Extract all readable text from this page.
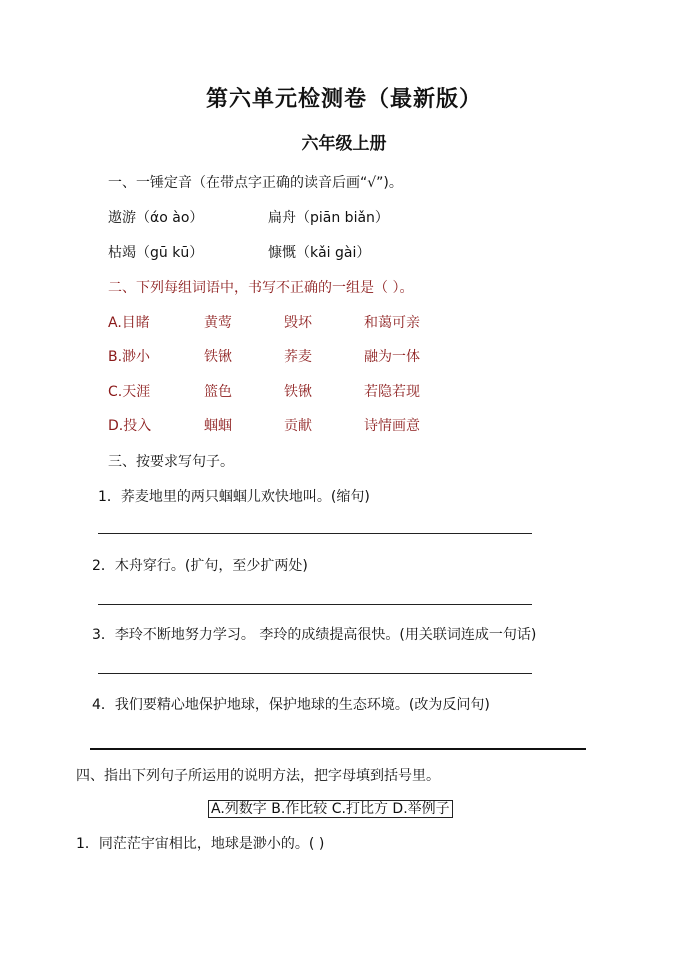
第六单元检测卷（最新版）
六年级上册
一、一锤定音（在带点字正确的读音后画“√”)。
遨游（άo ào）	扁舟（piān biǎn）
枯竭（gū kū）	慷慨（kǎi gài）
二、下列每组词语中，书写不正确的一组是（ ）。
A.目睹	黄莺	毁坏	和蔼可亲
B.渺小	铁锹	荞麦	融为一体
C.天涯	篮色	铁锹	若隐若现
D.投入	蝈蝈	贡献	诗情画意
三、按要求写句子。
1．荞麦地里的两只蝈蝈儿欢快地叫。(缩句)
2．木舟穿行。(扩句，至少扩两处)
3．李玲不断地努力学习。 李玲的成绩提高很快。(用关联词连成一句话)
4．我们要精心地保护地球，保护地球的生态环境。(改为反问句)
四、指出下列句子所运用的说明方法，把字母填到括号里。
A.列数字 B.作比较 C.打比方 D.举例子
1．同茫茫宇宙相比，地球是渺小的。( )
